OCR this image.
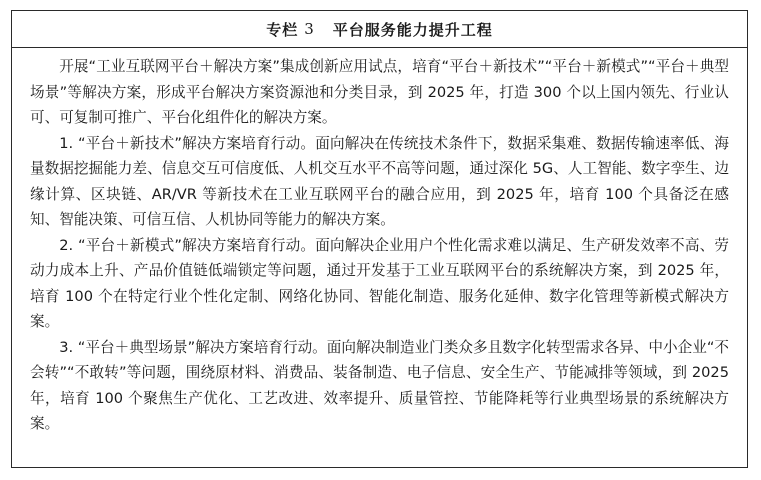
专栏 3 平台服务能力提升工程

开展“工业互联网平台＋解决方案”集成创新应用试点，培育“平台＋新技术”“平台＋新模式”“平台＋典型场景”等解决方案，形成平台解决方案资源池和分类目录，到 2025 年，打造 300 个以上国内领先、行业认可、可复制可推广、平台化组件化的解决方案。

1. “平台＋新技术”解决方案培育行动。面向解决在传统技术条件下，数据采集难、数据传输速率低、海量数据挖掘能力差、信息交互可信度低、人机交互水平不高等问题，通过深化 5G、人工智能、数字孪生、边缘计算、区块链、AR/VR 等新技术在工业互联网平台的融合应用，到 2025 年，培育 100 个具备泛在感知、智能决策、可信互信、人机协同等能力的解决方案。

2. “平台＋新模式”解决方案培育行动。面向解决企业用户个性化需求难以满足、生产研发效率不高、劳动力成本上升、产品价值链低端锁定等问题，通过开发基于工业互联网平台的系统解决方案，到 2025 年，培育 100 个在特定行业个性化定制、网络化协同、智能化制造、服务化延伸、数字化管理等新模式解决方案。

3. “平台＋典型场景”解决方案培育行动。面向解决制造业门类众多且数字化转型需求各异、中小企业“不会转”“不敢转”等问题，围绕原材料、消费品、装备制造、电子信息、安全生产、节能减排等领域，到 2025 年，培育 100 个聚焦生产优化、工艺改进、效率提升、质量管控、节能降耗等行业典型场景的系统解决方案。
